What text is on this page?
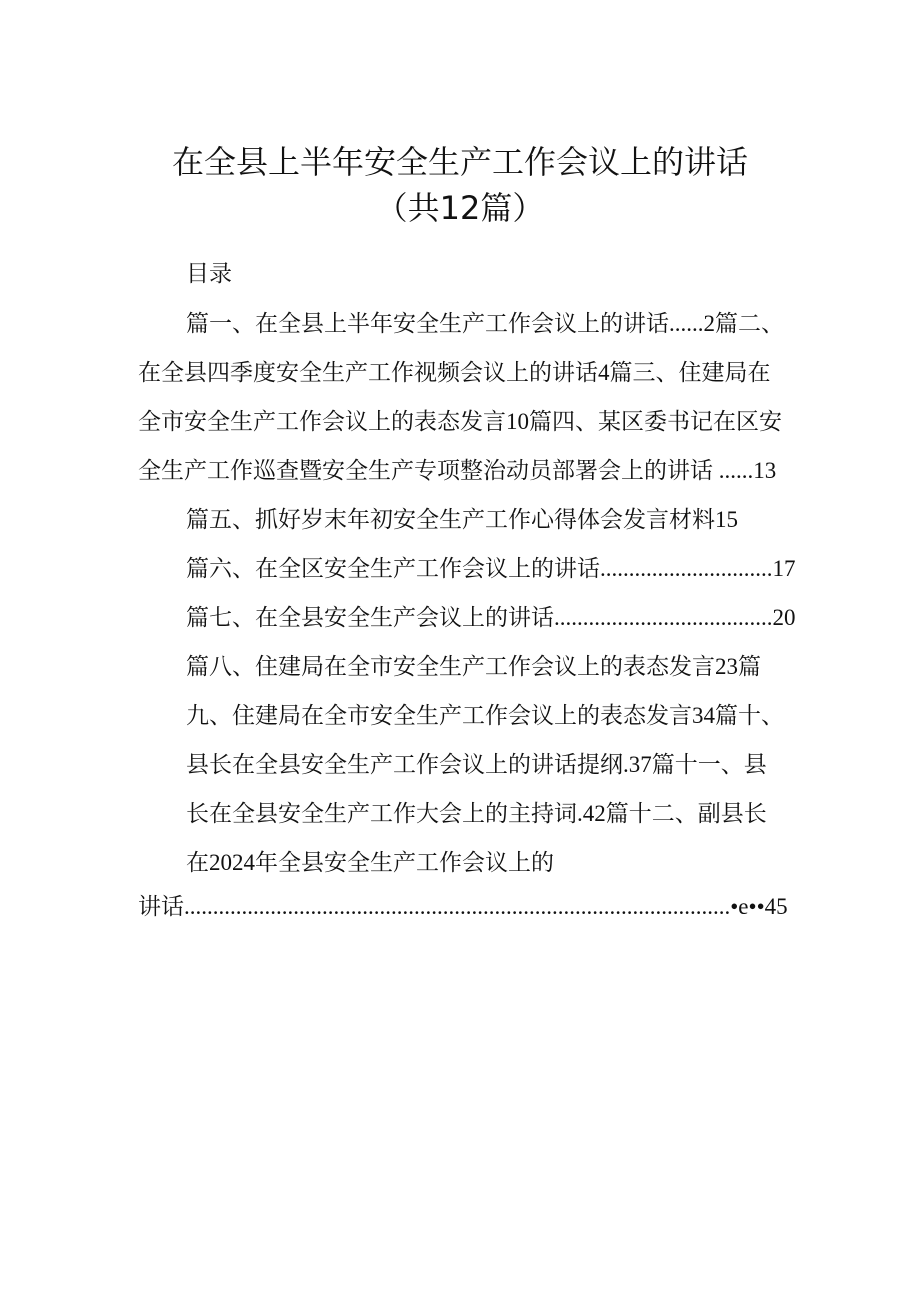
在全县上半年安全生产工作会议上的讲话
（共12篇）
目录
篇一、在全县上半年安全生产工作会议上的讲话......2篇二、
在全县四季度安全生产工作视频会议上的讲话4篇三、住建局在
全市安全生产工作会议上的表态发言10篇四、某区委书记在区安
全生产工作巡查暨安全生产专项整治动员部署会上的讲话 ......13
篇五、抓好岁末年初安全生产工作心得体会发言材料15
篇六、在全区安全生产工作会议上的讲话..............................17
篇七、在全县安全生产会议上的讲话......................................20
篇八、住建局在全市安全生产工作会议上的表态发言23篇
九、住建局在全市安全生产工作会议上的表态发言34篇十、
县长在全县安全生产工作会议上的讲话提纲.37篇十一、县
长在全县安全生产工作大会上的主持词.42篇十二、副县长
在2024年全县安全生产工作会议上的
讲话...............................................................................................•e••45
